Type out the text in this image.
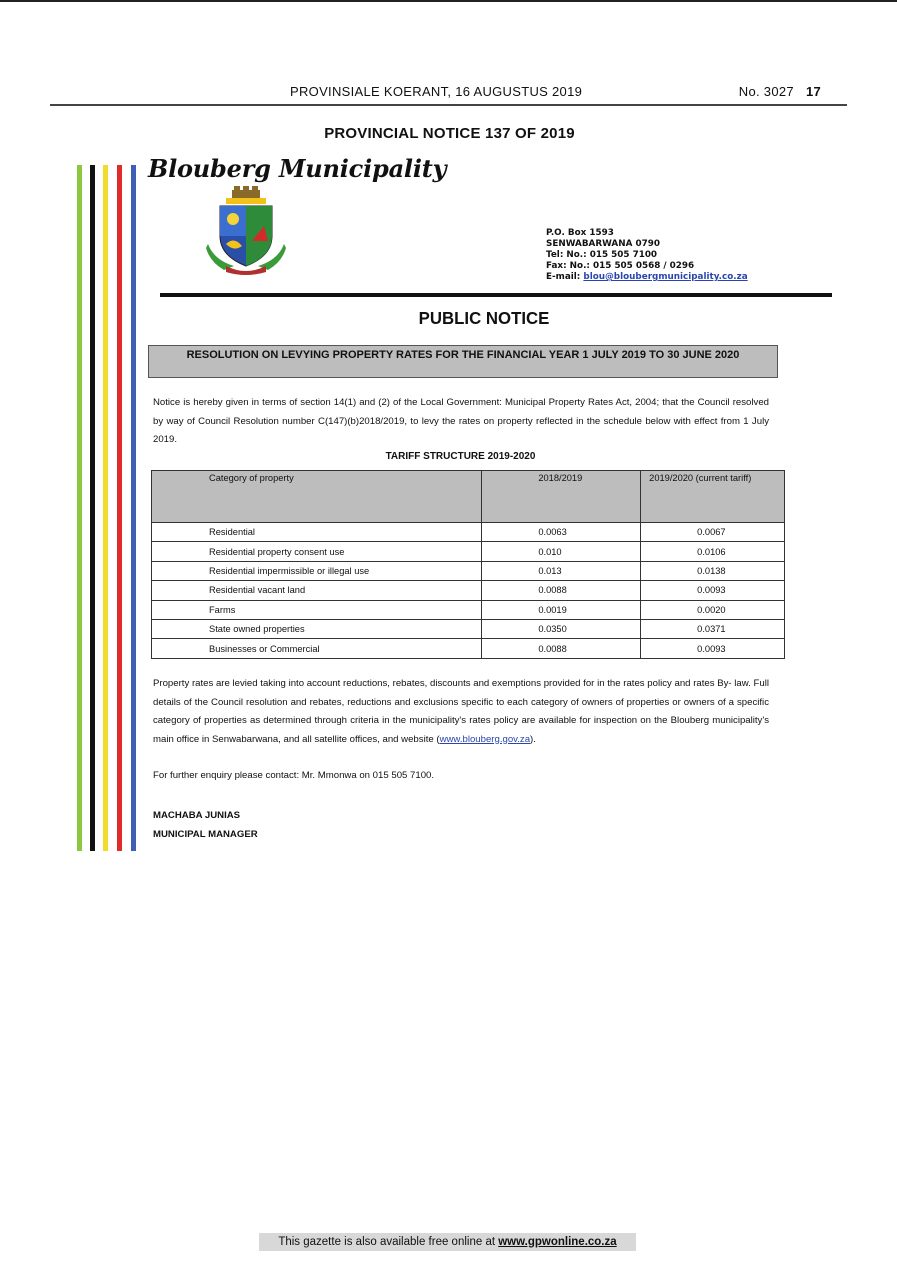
PROVINSIALE KOERANT, 16 AUGUSTUS 2019	No. 3027 17
PROVINCIAL NOTICE 137 OF 2019
Blouberg Municipality
P.O. Box 1593
SENWABARWANA 0790
Tel: No.: 015 505 7100
Fax: No.: 015 505 0568 / 0296
E-mail: blou@bloubergmunicipality.co.za
PUBLIC NOTICE
RESOLUTION ON LEVYING PROPERTY RATES FOR THE FINANCIAL YEAR 1 JULY 2019 TO 30 JUNE 2020
Notice is hereby given in terms of section 14(1) and (2) of the Local Government: Municipal Property Rates Act, 2004; that the Council resolved by way of Council Resolution number C(147)(b)2018/2019, to levy the rates on property reflected in the schedule below with effect from 1 July 2019.
TARIFF STRUCTURE 2019-2020
Category of property	2018/2019	2019/2020 (current tariff)
Residential	0.0063	0.0067
Residential property consent use	0.010	0.0106
Residential impermissible or illegal use	0.013	0.0138
Residential vacant land	0.0088	0.0093
Farms	0.0019	0.0020
State owned properties	0.0350	0.0371
Businesses or Commercial	0.0088	0.0093
Property rates are levied taking into account reductions, rebates, discounts and exemptions provided for in the rates policy and rates By- law. Full details of the Council resolution and rebates, reductions and exclusions specific to each category of owners of properties or owners of a specific category of properties as determined through criteria in the municipality's rates policy are available for inspection on the Blouberg municipality's main office in Senwabarwana, and all satellite offices, and website (www.blouberg.gov.za).
For further enquiry please contact: Mr. Mmonwa on 015 505 7100.
MACHABA JUNIAS
MUNICIPAL MANAGER
This gazette is also available free online at www.gpwonline.co.za
